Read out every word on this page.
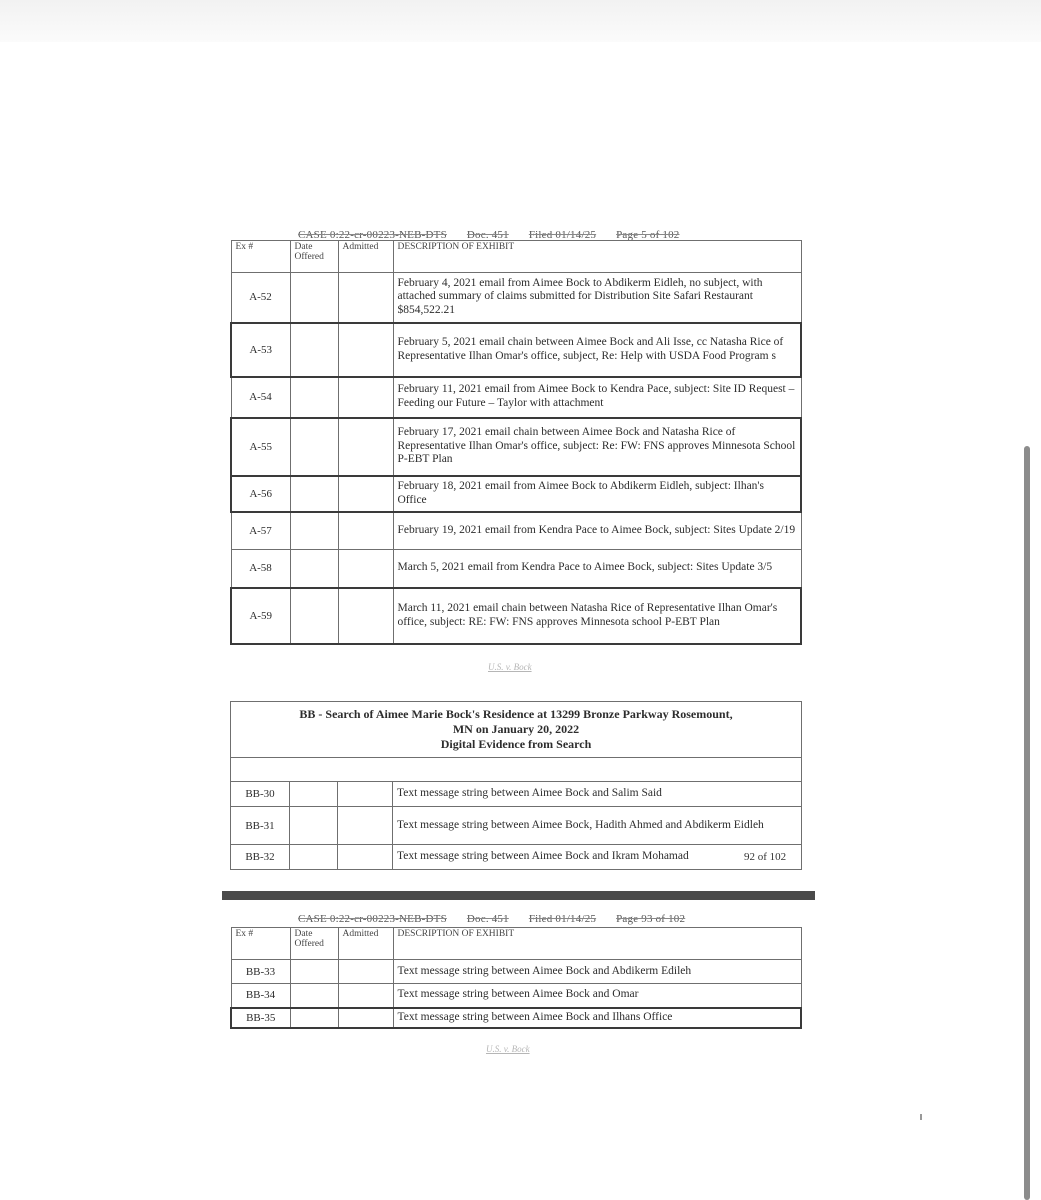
CASE 0:22-cr-00223-NEB-DTS Doc. 451 Filed 01/14/25 Page 5 of 102
Ex #	Date Offered	Admitted	DESCRIPTION OF EXHIBIT
A-52			February 4, 2021 email from Aimee Bock to Abdikerm Eidleh, no subject, with attached summary of claims submitted for Distribution Site Safari Restaurant $854,522.21
A-53			February 5, 2021 email chain between Aimee Bock and Ali Isse, cc Natasha Rice of Representative Ilhan Omar's office, subject, Re: Help with USDA Food Program s
A-54			February 11, 2021 email from Aimee Bock to Kendra Pace, subject: Site ID Request – Feeding our Future – Taylor with attachment
A-55			February 17, 2021 email chain between Aimee Bock and Natasha Rice of Representative Ilhan Omar's office, subject: Re: FW: FNS approves Minnesota School P-EBT Plan
A-56			February 18, 2021 email from Aimee Bock to Abdikerm Eidleh, subject: Ilhan's Office
A-57			February 19, 2021 email from Kendra Pace to Aimee Bock, subject: Sites Update 2/19
A-58			March 5, 2021 email from Kendra Pace to Aimee Bock, subject: Sites Update 3/5
A-59			March 11, 2021 email chain between Natasha Rice of Representative Ilhan Omar's office, subject: RE: FW: FNS approves Minnesota school P-EBT Plan
U.S. v. Bock
BB - Search of Aimee Marie Bock's Residence at 13299 Bronze Parkway Rosemount,
MN on January 20, 2022
Digital Evidence from Search			

BB-30			Text message string between Aimee Bock and Salim Said
BB-31			Text message string between Aimee Bock, Hadith Ahmed and Abdikerm Eidleh
BB-32			Text message string between Aimee Bock and Ikram Mohamad	92 of 102
CASE 0:22-cr-00223-NEB-DTS Doc. 451 Filed 01/14/25 Page 93 of 102
Ex #	Date Offered	Admitted	DESCRIPTION OF EXHIBIT
BB-33			Text message string between Aimee Bock and Abdikerm Edileh
BB-34			Text message string between Aimee Bock and Omar
BB-35			Text message string between Aimee Bock and Ilhans Office
U.S. v. Bock
